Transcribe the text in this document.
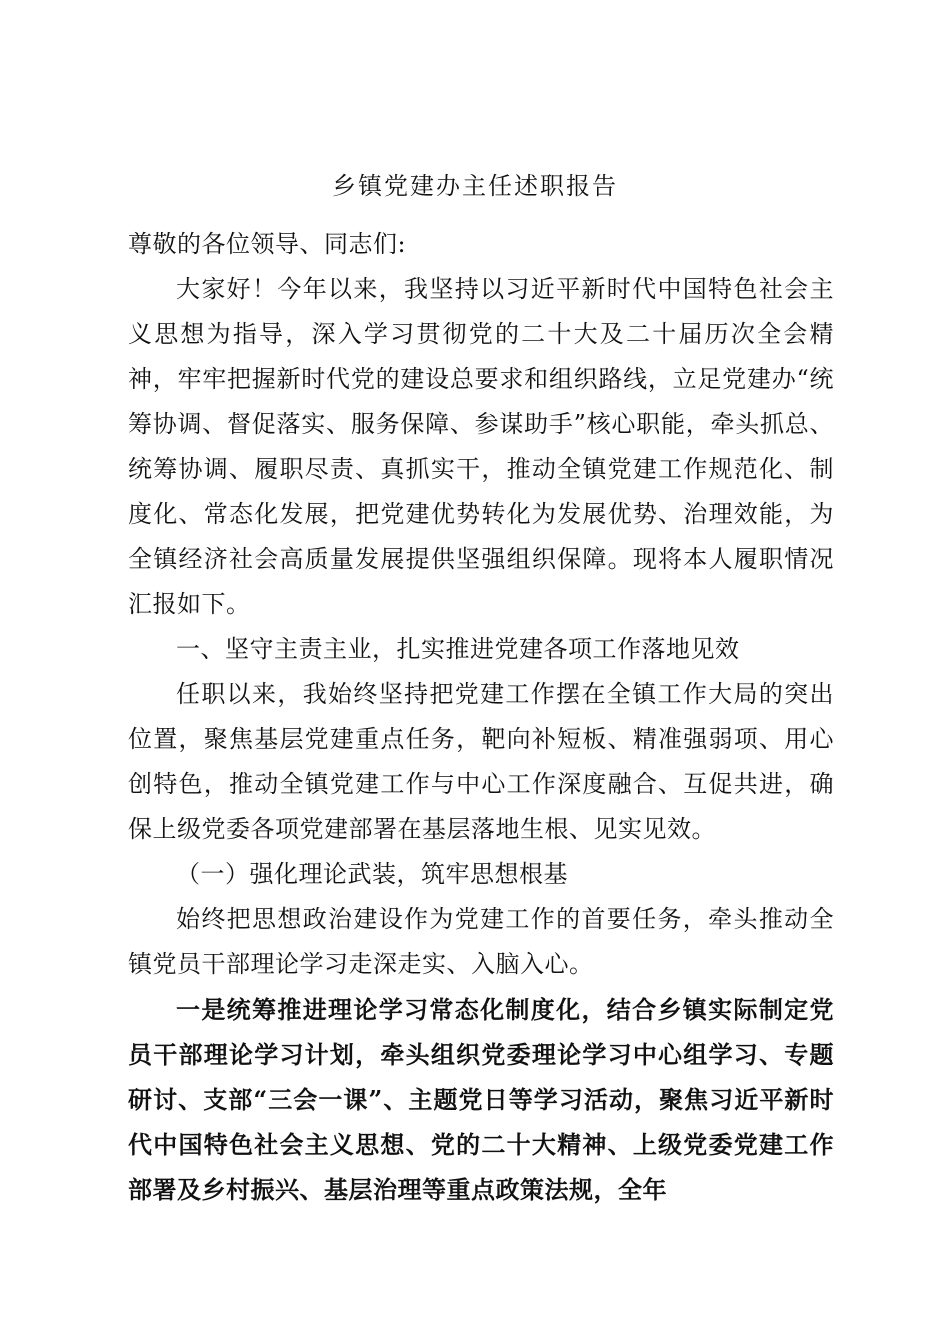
乡镇党建办主任述职报告

尊敬的各位领导、同志们:

大家好！今年以来，我坚持以习近平新时代中国特色社会主义思想为指导，深入学习贯彻党的二十大及二十届历次全会精神，牢牢把握新时代党的建设总要求和组织路线，立足党建办“统筹协调、督促落实、服务保障、参谋助手”核心职能，牵头抓总、统筹协调、履职尽责、真抓实干，推动全镇党建工作规范化、制度化、常态化发展，把党建优势转化为发展优势、治理效能，为全镇经济社会高质量发展提供坚强组织保障。现将本人履职情况汇报如下。

一、坚守主责主业，扎实推进党建各项工作落地见效

任职以来，我始终坚持把党建工作摆在全镇工作大局的突出位置，聚焦基层党建重点任务，靶向补短板、精准强弱项、用心创特色，推动全镇党建工作与中心工作深度融合、互促共进，确保上级党委各项党建部署在基层落地生根、见实见效。

（一）强化理论武装，筑牢思想根基

始终把思想政治建设作为党建工作的首要任务，牵头推动全镇党员干部理论学习走深走实、入脑入心。

一是统筹推进理论学习常态化制度化，结合乡镇实际制定党员干部理论学习计划，牵头组织党委理论学习中心组学习、专题研讨、支部“三会一课”、主题党日等学习活动，聚焦习近平新时代中国特色社会主义思想、党的二十大精神、上级党委党建工作部署及乡村振兴、基层治理等重点政策法规，全年
